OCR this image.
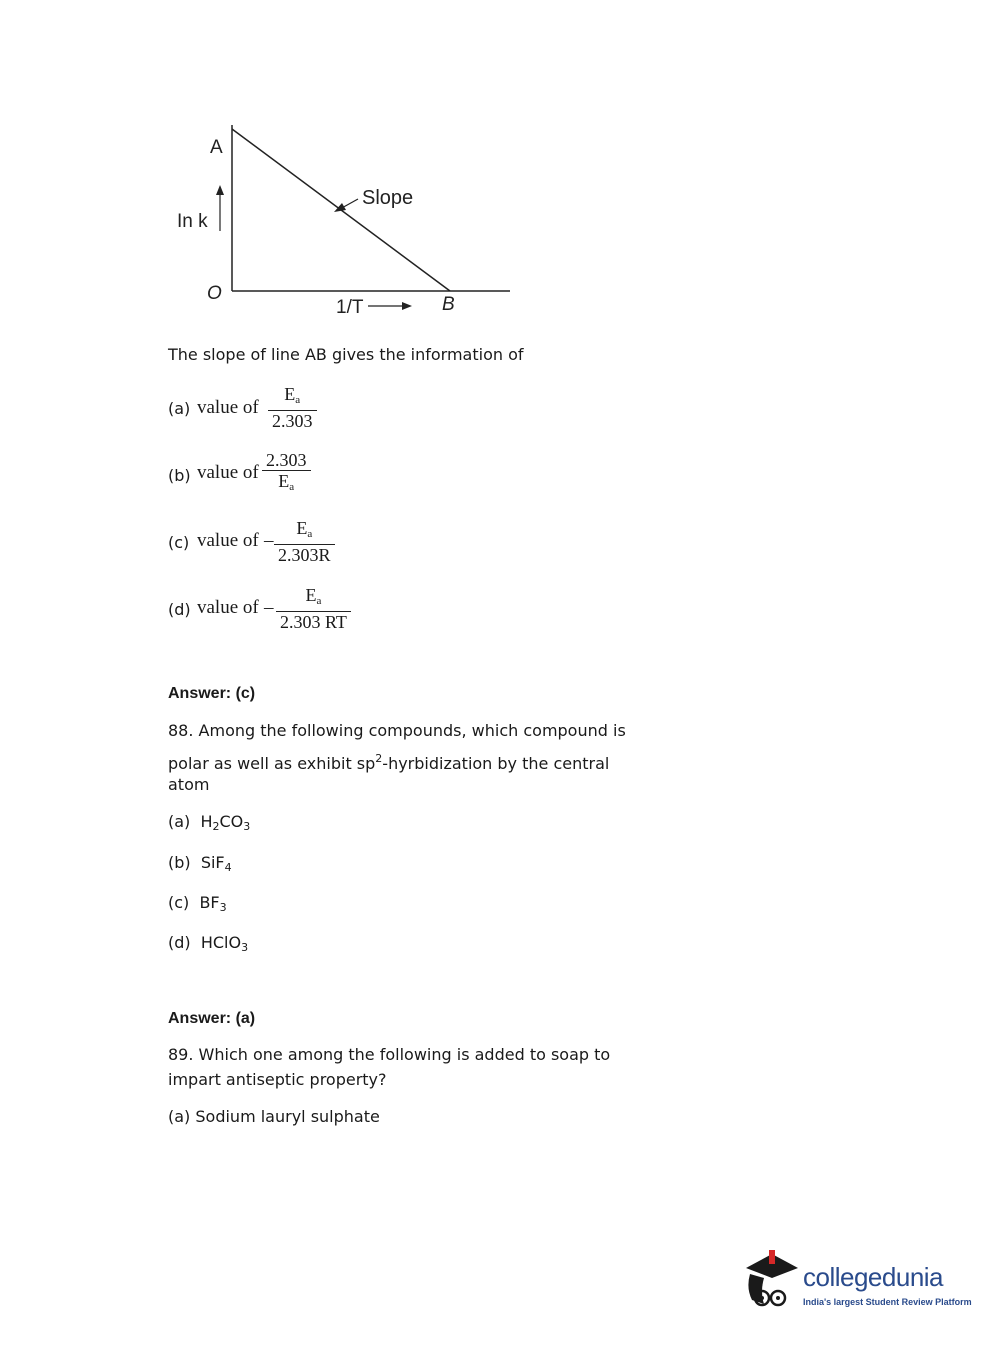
A
O
B
In k
1/T
Slope
The slope of line AB gives the information of
(a) value of $\frac{E_a}{2.303}$
(b) value of $\frac{2.303}{E_a}$
(c) value of – $\frac{E_a}{2.303R}$
(d) value of – $\frac{E_a}{2.303 RT}$
Answer: (c)
88. Among the following compounds, which compound is
polar as well as exhibit $sp^2$-hyrbidization by the central
atom
(a) $H_2CO_3$
(b) SiF$_4$
(c) $BF_3$
(d) HClO$_3$
Answer: (a)
89. Which one among the following is added to soap to
impart antiseptic property?
(a) Sodium lauryl sulphate
collegedunia
India's largest Student Review Platform
